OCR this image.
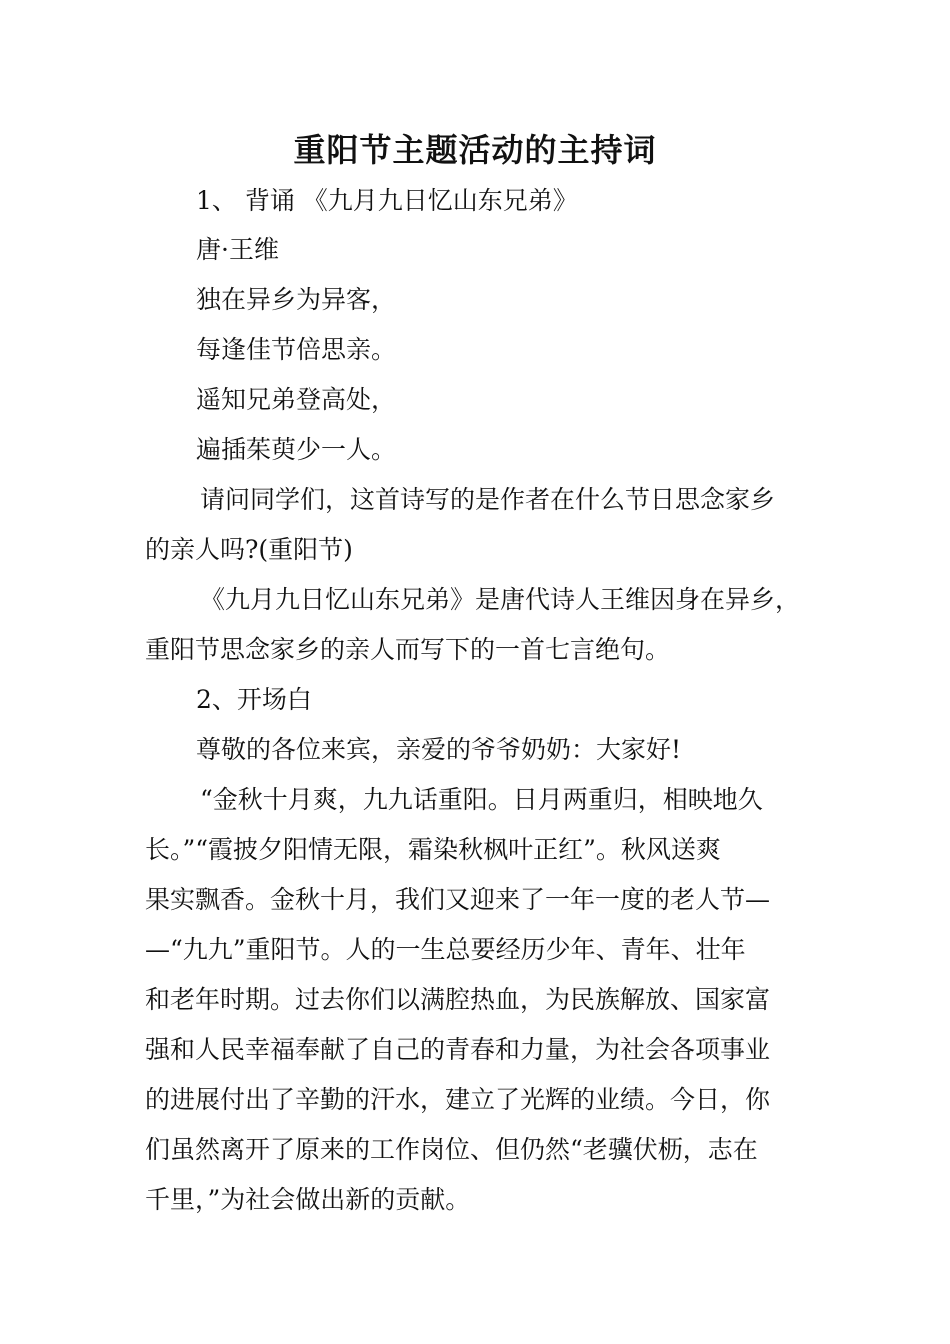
重阳节主题活动的主持词
1、 背诵 《九月九日忆山东兄弟》
唐·王维
独在异乡为异客，
每逢佳节倍思亲。
遥知兄弟登高处，
遍插茱萸少一人。
请问同学们，这首诗写的是作者在什么节日思念家乡
的亲人吗?(重阳节)
《九月九日忆山东兄弟》是唐代诗人王维因身在异乡，
重阳节思念家乡的亲人而写下的一首七言绝句。
2、开场白
尊敬的各位来宾，亲爱的爷爷奶奶：大家好!
“金秋十月爽，九九话重阳。日月两重归，相映地久
长。”“霞披夕阳情无限，霜染秋枫叶正红”。秋风送爽
果实飘香。金秋十月，我们又迎来了一年一度的老人节—
—“九九”重阳节。人的一生总要经历少年、青年、壮年
和老年时期。过去你们以满腔热血，为民族解放、国家富
强和人民幸福奉献了自己的青春和力量，为社会各项事业
的进展付出了辛勤的汗水，建立了光辉的业绩。今日，你
们虽然离开了原来的工作岗位、但仍然“老骥伏枥，志在
千里，”为社会做出新的贡献。
